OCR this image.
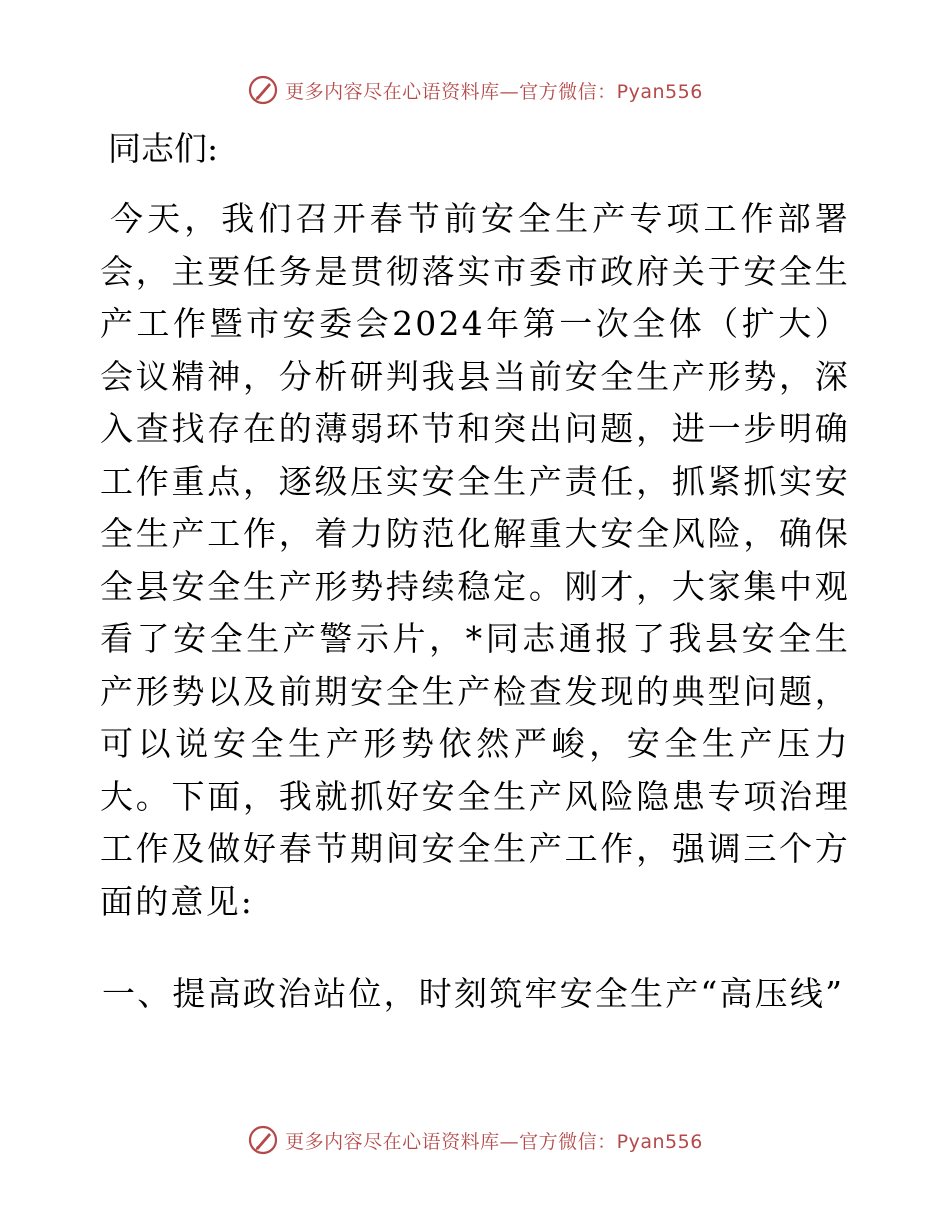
更多内容尽在心语资料库—官方微信：Pyan556
同志们:
今天，我们召开春节前安全生产专项工作部署会，主要任务是贯彻落实市委市政府关于安全生产工作暨市安委会2024年第一次全体（扩大）会议精神，分析研判我县当前安全生产形势，深入查找存在的薄弱环节和突出问题，进一步明确工作重点，逐级压实安全生产责任，抓紧抓实安全生产工作，着力防范化解重大安全风险，确保全县安全生产形势持续稳定。刚才，大家集中观看了安全生产警示片，*同志通报了我县安全生产形势以及前期安全生产检查发现的典型问题，可以说安全生产形势依然严峻，安全生产压力大。下面，我就抓好安全生产风险隐患专项治理工作及做好春节期间安全生产工作，强调三个方面的意见:
一、提高政治站位，时刻筑牢安全生产“高压线”
更多内容尽在心语资料库—官方微信：Pyan556
